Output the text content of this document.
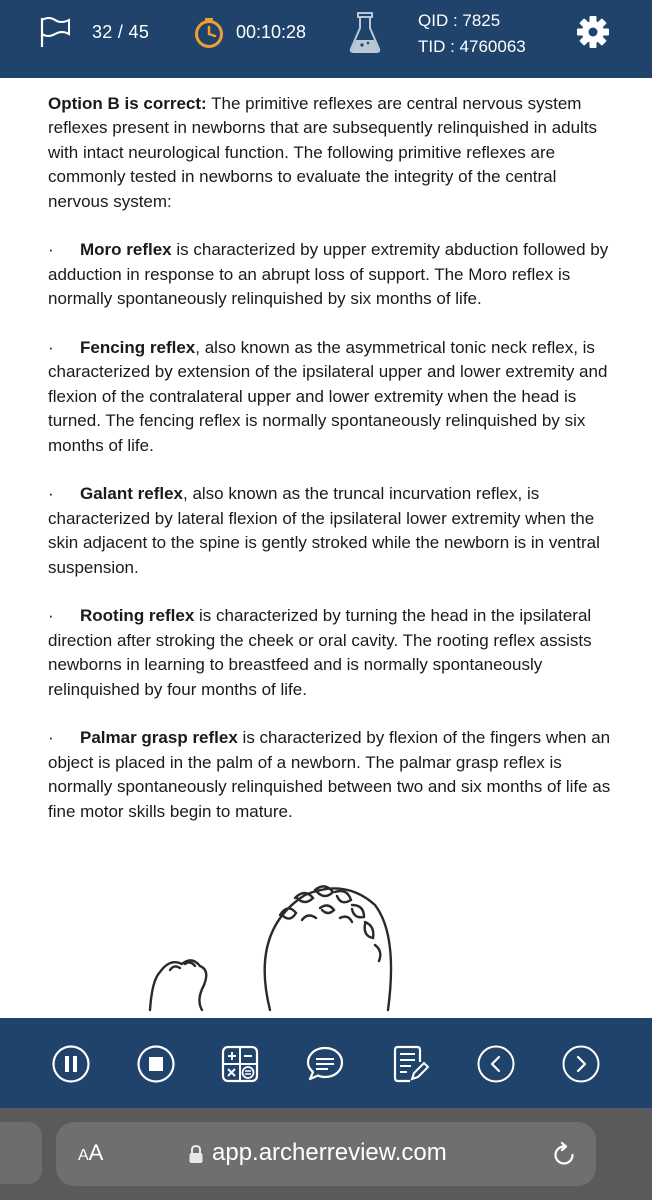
32 / 45	00:10:28
QID : 7825
TID : 4760063

Option B is correct: The primitive reflexes are central nervous system reflexes present in newborns that are subsequently relinquished in adults with intact neurological function. The following primitive reflexes are commonly tested in newborns to evaluate the integrity of the central nervous system:

· Moro reflex is characterized by upper extremity abduction followed by adduction in response to an abrupt loss of support. The Moro reflex is normally spontaneously relinquished by six months of life.

· Fencing reflex, also known as the asymmetrical tonic neck reflex, is characterized by extension of the ipsilateral upper and lower extremity and flexion of the contralateral upper and lower extremity when the head is turned. The fencing reflex is normally spontaneously relinquished by six months of life.

· Galant reflex, also known as the truncal incurvation reflex, is characterized by lateral flexion of the ipsilateral lower extremity when the skin adjacent to the spine is gently stroked while the newborn is in ventral suspension.

· Rooting reflex is characterized by turning the head in the ipsilateral direction after stroking the cheek or oral cavity. The rooting reflex assists newborns in learning to breastfeed and is normally spontaneously relinquished by four months of life.

· Palmar grasp reflex is characterized by flexion of the fingers when an object is placed in the palm of a newborn. The palmar grasp reflex is normally spontaneously relinquished between two and six months of life as fine motor skills begin to mature.

AA	app.archerreview.com
